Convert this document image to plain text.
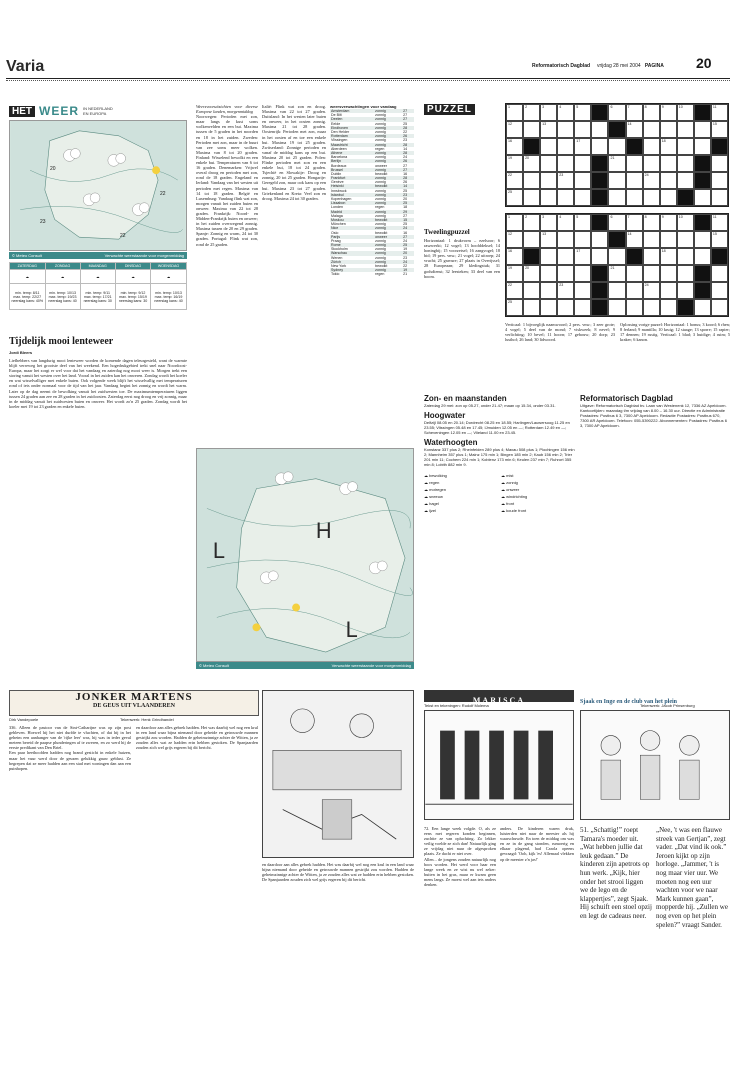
Varia	Reformatorisch Dagblad vrijdag 28 mei 2004 PAGINA 20
HET WEER IN NEDERLAND
EN EUROPA
20
22
23
22
© Meteo Consult	Verwachte weerstaande voor morgenmiddag
ZATERDAG	ZONDAG	MAANDAG	DINSDAG	WOENSDAG
☁	☁	☁	☁	☁
min. temp: 8/11 max. temp: 22/27 neerslag kans: 40%	min. temp: 10/13 max. temp: 19/23 neerslag kans: 40	min. temp: 9/11 max. temp: 17/21 neerslag kans: 30	min. temp: 9/12 max. temp: 15/19 neerslag kans: 30	min. temp: 10/13 max. temp: 16/19 neerslag kans: 40
Tijdelijk mooi lenteweer
Jordi Bleers
Liefhebbers van langdurig mooi lenteweer worden de komende dagen teleurgesteld, want de warmte blijft verreweg het grootste deel van het weekend. Een hogedrukgebied trekt snel naar Noordoost-Europa, maar het zorgt er wel voor dat het vandaag en zaterdag nog mooi weer is. Morgen trekt een storing vanuit het westen over het land. Vooral in het zuiden kan het onweren. Zondag wordt het koeler en wat wisselvalliger met enkele buien. Ook volgende week blijft het wisselvallig met temperaturen rond of iets onder normaal voor de tijd van het jaar. Vandaag begint het zonnig en wordt het warm. Later op de dag neemt de bewolking vanuit het zuidwesten toe. De maximumtemperaturen liggen tussen 24 graden aan zee en 28 graden in het zuidoosten. Zaterdag eerst nog droog en vrij zonnig, maar in de middag vanuit het zuidwesten buien en onweer. Het wordt zo'n 25 graden. Zondag wordt het koeler met 19 tot 23 graden en enkele buien.
Weersvooruitzichten voor diverse Europese landen, morgenmiddag
Noorwegen: Perioden met zon, maar langs de kust soms wolkenvelden en een bui. Maxima tussen de 5 graden in het noorden en 18 in het zuiden. Zweden: Perioden met zon, maar in de buurt van zee soms meer wolken. Maxima van 8 tot 20 graden. Finland: Wisselend bewolkt en een enkele bui. Temperaturen van 6 tot 16 graden. Denemarken: Vrijwel overal droog en perioden met zon, rond de 18 graden. Engeland en Ierland: Vandaag van het westen uit perioden met regen. Maxima van 14 tot 18 graden. België en Luxemburg: Vandaag flink wat zon, morgen vanuit het zuiden buien en onweer. Maxima van 22 tot 28 graden. Frankrijk: Noord- en Midden-Frankrijk buien en onweer; in het zuiden overwegend zonnig. Maxima tussen de 20 en 29 graden. Spanje: Zonnig en warm, 24 tot 30 graden. Portugal: Flink wat zon, rond de 25 graden.
Italië: Flink wat zon en droog. Maxima van 22 tot 27 graden. Duitsland: In het westen later buien en onweer, in het oosten zonnig. Maxima 21 tot 28 graden. Oostenrijk: Perioden met zon, maar in het oosten af en toe een enkele bui. Maxima 19 tot 25 graden. Zwitserland: Zonnige perioden en vanaf de middag kans op een bui. Maxima 20 tot 25 graden. Polen: Flinke perioden met zon en een enkele bui, 18 tot 24 graden. Tsjechië en Slowakije: Droog en zonnig, 20 tot 25 graden. Hongarije: Geregeld zon, maar ook kans op een bui. Maxima 23 tot 27 graden. Griekenland en Kreta: Veel zon en droog. Maxima 24 tot 30 graden.
weersverwachtingen voor vandaag
Amsterdam	zonnig	27
De Bilt	zonnig	27
Deelen	zonnig	27
Eelde	zonnig	25
Eindhoven	zonnig	28
Den Helder	zonnig	22
Rotterdam	zonnig	26
Vlissingen	zonnig	23
Maastricht	zonnig	28
Aberdeen	regen	14
Athene	zonnig	28
Barcelona	zonnig	24
Berlijn	zonnig	26
Bordeaux	onweer	27
Brussel	zonnig	27
Dublin	bewolkt	16
Frankfurt	zonnig	28
Genève	zonnig	26
Helsinki	bewolkt	14
Innsbruck	zonnig	25
Istanbul	zonnig	23
Kopenhagen	zonnig	20
Lissabon	zonnig	25
Londen	regen	18
Madrid	zonnig	29
Malaga	zonnig	27
Moskou	bewolkt	15
München	zonnig	25
Nice	zonnig	24
Oslo	bewolkt	16
Parijs	onweer	27
Praag	zonnig	24
Rome	zonnig	25
Stockholm	zonnig	19
Warschau	zonnig	20
Wenen	zonnig	23
Zürich	zonnig	24
New York	bewolkt	22
Sydney	zonnig	19
Tokio	regen	21
L
H
L
© Meteo Consult	Verwachte weerstaande voor morgenmiddag
PUZZEL	1	2	3	4	5	6	7	8	9	10	11
12	13	14	15
16	17	18
19	20	21
22	23	24
25
1	2	3	4	5	6	7	8	9	10	11
12	13	14	15
16	17	18
19	20	21
22	23	24
25
Tweelingpuzzel
Horizontaal: 1 drukvorm – ezelsoor; 6 raszwerkt; 12 vogel; 13 hoofddeksel; 14 honingbij; 15 voorzetsel; 16 zangvogel; 18 bid; 19 pers. vnw.; 21 vogel; 22 uitroep; 24 vrucht; 25 gravure; 27 plaats in Overijssel; 28 Europeaan; 29 kledingstuk; 31 godsdienst; 32 leesteken; 33 deel van een boom.
Verticaal: 1 bijvoeglijk naamwoord; 2 pers. vnw.; 3 zeer grote; 4 vogel; 5 deel van de mond; 7 viskweek; 8 nevel; 9 verlichting; 10 bevel; 11 hoorn; 17 gebouw; 20 dorp; 23 lusthof; 26 land; 30 lidwoord.
Oplossing vorige puzzel: Horizontaal: 1 bonus; 3 koord; 6 rhen; 8 ferland; 9 mantilla; 10 kruig; 12 staage; 13 sporre; 15 rapier; 17 dennen; 19 rustig. Verticaal: 1 blad; 3 huidige; 4 ruim; 5 kraker; 6 kanon.
Zon- en maanstanden
Zaterdag 29 mei: zon op 05.27, onder 21.47; maan op 15.34, onder 03.31.
Hoogwater
Delfzijl 08.05 en 20.14; Dordrecht 08.25 en 18.55; Harlingen/Lauwersoog 11.25 en 23.55; Vlissingen 05.48 en 17.45; IJmuiden 12.05 en —; Rotterdam 12.49 en —; Scheveningen 12.05 en —; Vlieland 11.00 en 23.45.
Waterhoogten
Konstanz 337 plus 2; Rheinfelden 289 plus 4; Maxau 508 plus 1; Plochingen 156 min 2; Mannheim 357 plus 1; Mainz 175 min 1; Bingen 185 min 2; Kaub 156 min 2; Trier 201 min 11; Cochem 224 min 1; Koblenz 173 min 6; Keulen 237 min 7; Ruhrort 355 min 8; Lobith 882 min 9.
☁ bewolking	☁ mist
☁ regen	☁ zonnig
☁ motregen	☁ onweer
☁ sneeuw	☁ windrichting
☁ hagel	☁ front
☁ ijzel	☁ koude front
Reformatorisch Dagblad
Uitgave: Reformatorisch Dagblad bv. Laan van Westenenk 12, 7336 AZ Apeldoorn. Kantoortijden: maandag t/m vrijdag van 8.00 – 16.30 uur. Directie en Administratie Postadres: Postbus 6 3, 7300 AP Apeldoorn. Redactie Postadres: Postbus 670, 7300 AR Apeldoorn. Telefoon: 055-5390222. Abonnementen: Postadres: Postbus 6 3, 7300 AP Apeldoorn.
JONKER MARTENS
DE GEUS UIT VLAANDEREN
Dirk Vandepoele	Tekenwerk: Henk Grindhandel
336. Alleen de pastoor van de Sint-Catharijne was op zijn post gebleven. Hoewel hij het niet durfde te vluchten, of dat hij in het geheim een aanhanger van de 'rijke leer' was, hij was in ieder geval meteen bereid de paapse plunderingen af te zweren, en zo werd hij de eerste predikant van Den Briel.
Een paar heethoofden hadden nog brand gesticht in enkele huizen, maar het vuur werd door de geuzen gelukkig gauw geblust. Ze begrepen dat ze meer hadden aan een stad met woningen dan aan een puinhopen.
en daardoor aan alles gebrek hadden. Het was daarbij wel nog een krul in een land waar bijna niemand door geheide en getrouwde mannen gestrijkt zou worden. Hadden de geheimzinnige achter de Witten, ja ze zouden alles wat ze hadden erin hebben gestoken. De Spanjaarden zouden zich wel grijs ergeren bij dit bericht.
en daardoor aan alles gebrek hadden. Het was daarbij wel nog een krul in een land waar bijna niemand door geheide en getrouwde mannen gestrijkt zou worden. Hadden de geheimzinnige achter de Witten, ja ze zouden alles wat ze hadden erin hebben gestoken. De Spanjaarden zouden zich wel grijs ergeren bij dit bericht.
MARISCA
Tekst en tekeningen: Rudolf Molema
72. Een lange week volgde. O, als ze eens met regeren konden beginnen, zuchtte ze van opluchting. Zo lekker veilig voelde ze zich dan! Natuurlijk ging ze vrijdag niet naar de afgesproken plaats. Ze dacht er niet over.
Allen... de jongens zouden natuurlijk nog boos worden. Het werd voor haar een lange week en ze wist nu wel zeker: buiten in het gras, maar er kwam geen mens langs. Ze moest wel aan iets anders denken.
anders. De kinderen waren druk, luisterden niet naar de meester als hij waarschuwde. En toen de middag om was en ze in de gang stonden, rumoerig en elkaar plagend, had Carola opeens gevraagd: 'Ooh, kijk 'es! Allemaal vlekken op de meester z'n jas!'
Sjaak en Inge en de club van het plein
Tekenwerk: Jacob Prinsenburg
51. „Schattig!” roept Tamara's moeder uit. „Wat hebben jullie dat leuk gedaan.” De kinderen zijn apetrots op hun werk. „Kijk, hier onder het strooi liggen we de lego en de klappertjes”, zegt Sjaak. Hij schuift een stoel opzij en legt de cadeaus neer.
„Nee, 't was een flauwe streek van Gertjan”, zegt vader. „Dat vind ik ook.” Jeroen kijkt op zijn horloge. „Jammer, 't is nog maar vier uur. We moeten nog een uur wachten voor we naar Mark kunnen gaan”, mopperde hij. „Zullen we nog even op het plein spelen?” vraagt Sander.
